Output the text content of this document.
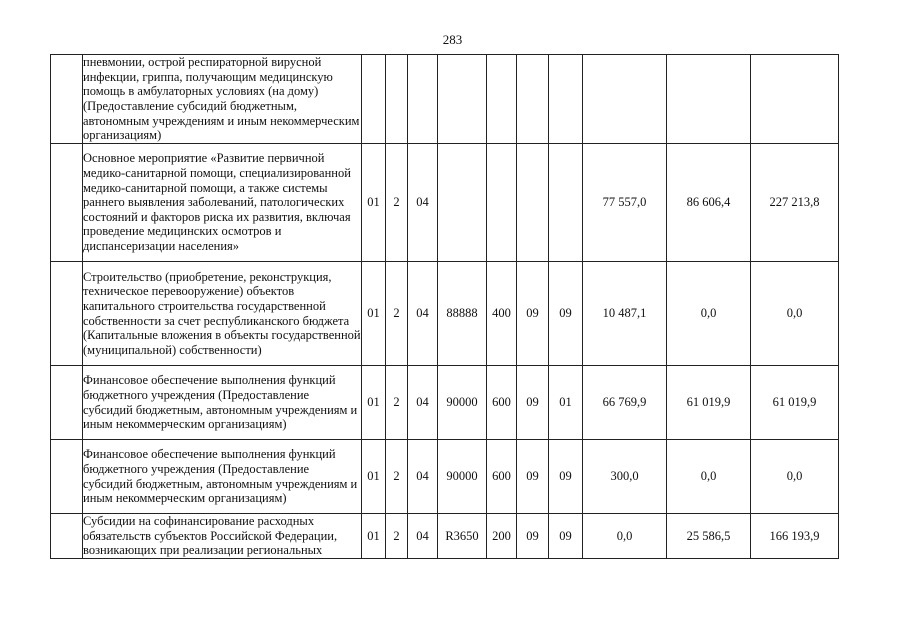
283
	пневмонии, острой респираторной вирусной инфекции, гриппа, получающим медицинскую помощь в амбулаторных условиях (на дому) (Предоставление субсидий бюджетным, автономным учреждениям и иным некоммерческим организациям)										
	Основное мероприятие «Развитие первичной медико-санитарной помощи, специализированной медико-санитарной помощи, а также системы раннего выявления заболеваний, патологических состояний и факторов риска их развития, включая проведение медицинских осмотров и диспансеризации населения»	01	2	04					77 557,0	86 606,4	227 213,8
	Строительство (приобретение, реконструкция, техническое перевооружение) объектов капитального строительства государственной собственности за счет республиканского бюджета (Капитальные вложения в объекты государственной (муниципальной) собственности)	01	2	04	88888	400	09	09	10 487,1	0,0	0,0
	Финансовое обеспечение выполнения функций бюджетного учреждения (Предоставление субсидий бюджетным, автономным учреждениям и иным некоммерческим организациям)	01	2	04	90000	600	09	01	66 769,9	61 019,9	61 019,9
	Финансовое обеспечение выполнения функций бюджетного учреждения (Предоставление субсидий бюджетным, автономным учреждениям и иным некоммерческим организациям)	01	2	04	90000	600	09	09	300,0	0,0	0,0
	Субсидии на софинансирование расходных обязательств субъектов Российской Федерации, возникающих при реализации региональных	01	2	04	R3650	200	09	09	0,0	25 586,5	166 193,9
